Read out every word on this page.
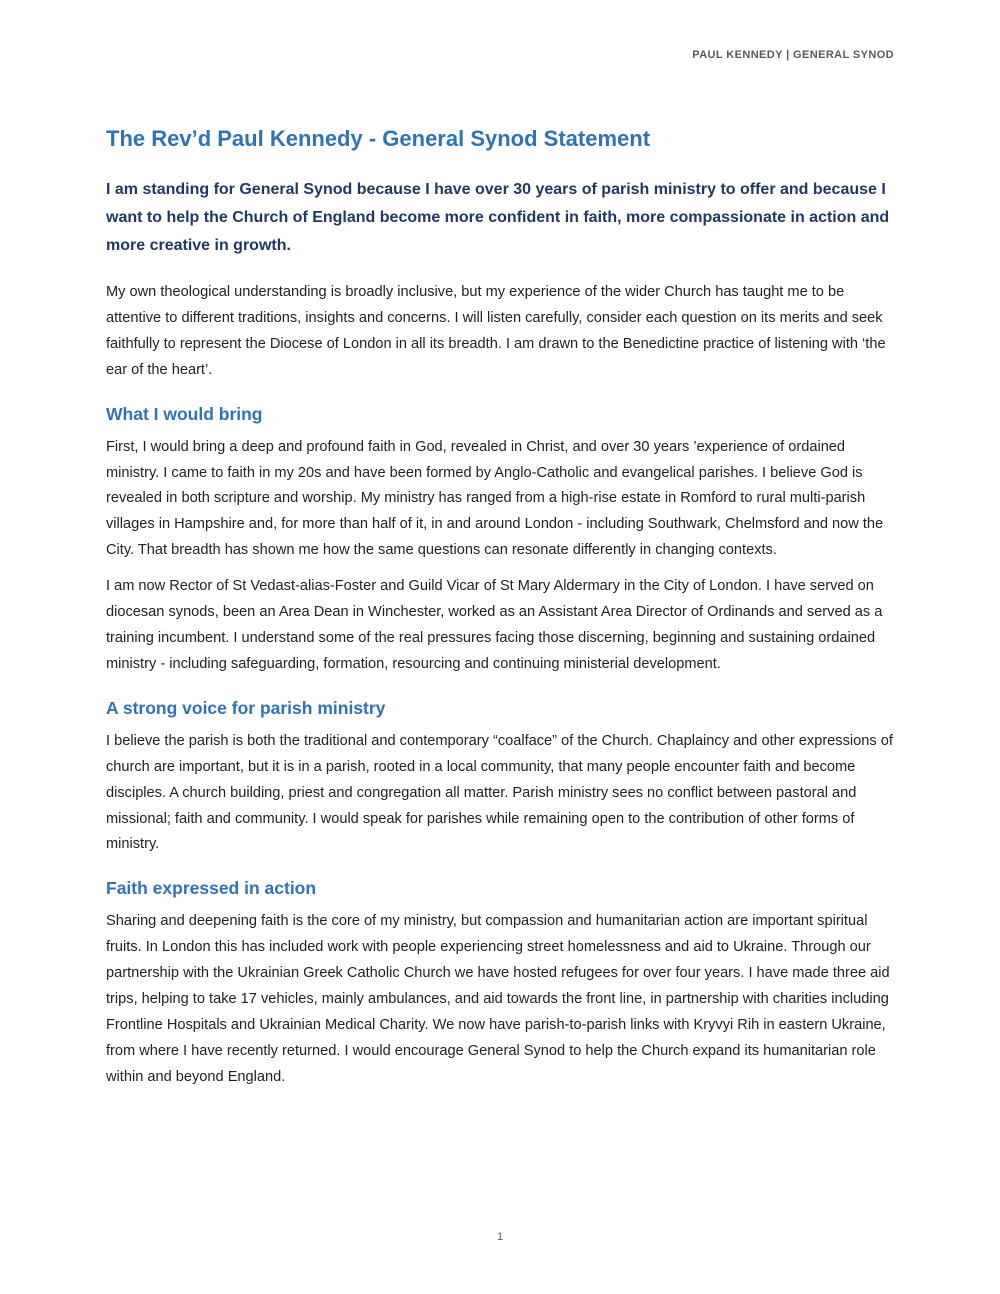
PAUL KENNEDY | GENERAL SYNOD
The Rev’d Paul Kennedy - General Synod Statement

I am standing for General Synod because I have over 30 years of parish ministry to offer and because I want to help the Church of England become more confident in faith, more compassionate in action and more creative in growth.

My own theological understanding is broadly inclusive, but my experience of the wider Church has taught me to be attentive to different traditions, insights and concerns. I will listen carefully, consider each question on its merits and seek faithfully to represent the Diocese of London in all its breadth. I am drawn to the Benedictine practice of listening with ‘the ear of the heart’.

What I would bring

First, I would bring a deep and profound faith in God, revealed in Christ, and over 30 years ’experience of ordained ministry. I came to faith in my 20s and have been formed by Anglo-Catholic and evangelical parishes. I believe God is revealed in both scripture and worship. My ministry has ranged from a high-rise estate in Romford to rural multi-parish villages in Hampshire and, for more than half of it, in and around London - including Southwark, Chelmsford and now the City. That breadth has shown me how the same questions can resonate differently in changing contexts.

I am now Rector of St Vedast-alias-Foster and Guild Vicar of St Mary Aldermary in the City of London. I have served on diocesan synods, been an Area Dean in Winchester, worked as an Assistant Area Director of Ordinands and served as a training incumbent. I understand some of the real pressures facing those discerning, beginning and sustaining ordained ministry - including safeguarding, formation, resourcing and continuing ministerial development.

A strong voice for parish ministry

I believe the parish is both the traditional and contemporary “coalface” of the Church. Chaplaincy and other expressions of church are important, but it is in a parish, rooted in a local community, that many people encounter faith and become disciples. A church building, priest and congregation all matter. Parish ministry sees no conflict between pastoral and missional; faith and community. I would speak for parishes while remaining open to the contribution of other forms of ministry.

Faith expressed in action

Sharing and deepening faith is the core of my ministry, but compassion and humanitarian action are important spiritual fruits. In London this has included work with people experiencing street homelessness and aid to Ukraine. Through our partnership with the Ukrainian Greek Catholic Church we have hosted refugees for over four years. I have made three aid trips, helping to take 17 vehicles, mainly ambulances, and aid towards the front line, in partnership with charities including Frontline Hospitals and Ukrainian Medical Charity. We now have parish-to-parish links with Kryvyi Rih in eastern Ukraine, from where I have recently returned. I would encourage General Synod to help the Church expand its humanitarian role within and beyond England.

1
